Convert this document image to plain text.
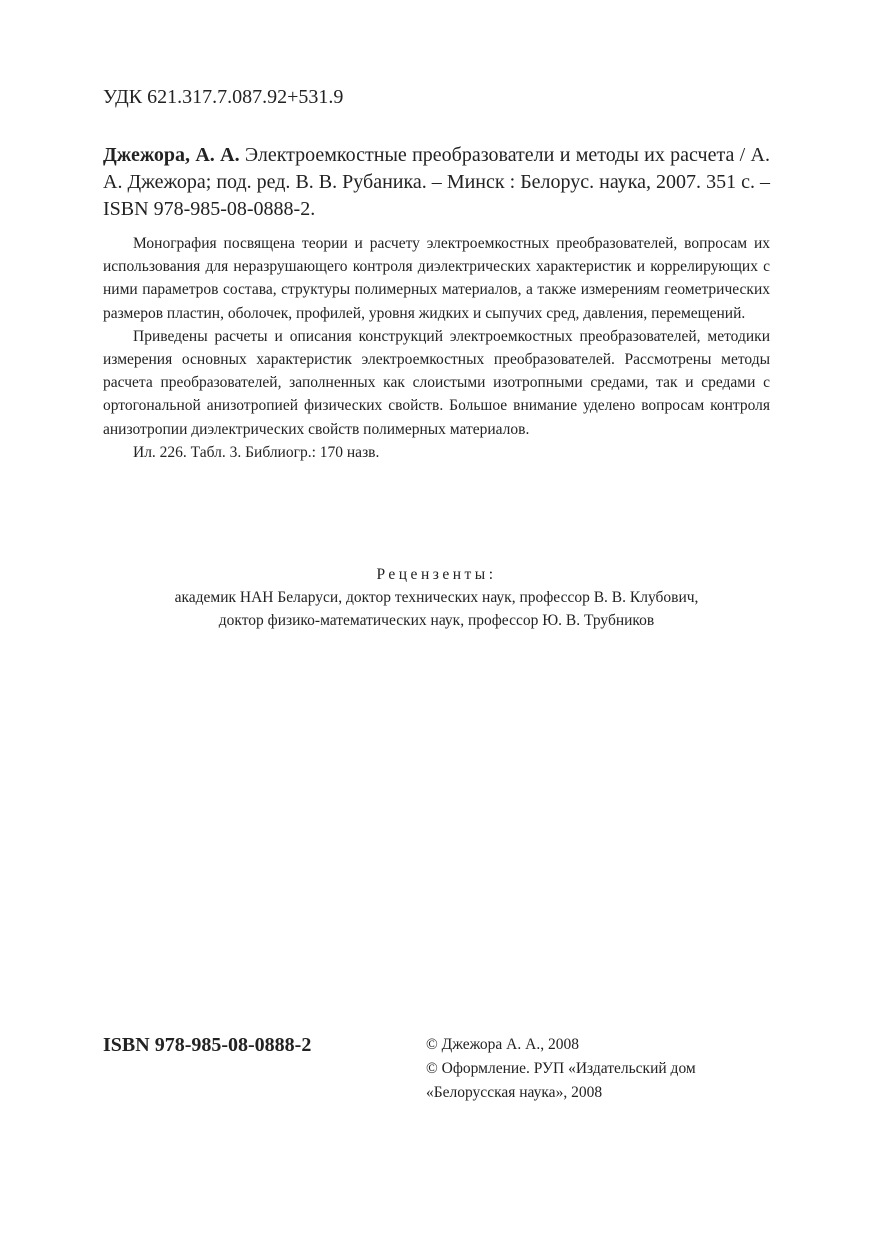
УДК 621.317.7.087.92+531.9
Джежора, А. А. Электроемкостные преобразователи и методы их расчета / А. А. Джежора; под. ред. В. В. Рубаника. – Минск : Белорус. наука, 2007. 351 с. – ISBN 978-985-08-0888-2.

Монография посвящена теории и расчету электроемкостных преобразователей, вопросам их использования для неразрушающего контроля диэлектрических характеристик и коррелирующих с ними параметров состава, структуры полимерных материалов, а также измерениям геометрических размеров пластин, оболочек, профилей, уровня жидких и сыпучих сред, давления, перемещений.

Приведены расчеты и описания конструкций электроемкостных преобразователей, методики измерения основных характеристик электроемкостных преобразователей. Рассмотрены методы расчета преобразователей, заполненных как слоистыми изотропными средами, так и средами с ортогональной анизотропией физических свойств. Большое внимание уделено вопросам контроля анизотропии диэлектрических свойств полимерных материалов.

Ил. 226. Табл. 3. Библиогр.: 170 назв.

Рецензенты:
академик НАН Беларуси, доктор технических наук, профессор В. В. Клубович,
доктор физико-математических наук, профессор Ю. В. Трубников
ISBN 978-985-08-0888-2	© Джежора А. А., 2008
© Оформление. РУП «Издательский дом
«Белорусская наука», 2008
